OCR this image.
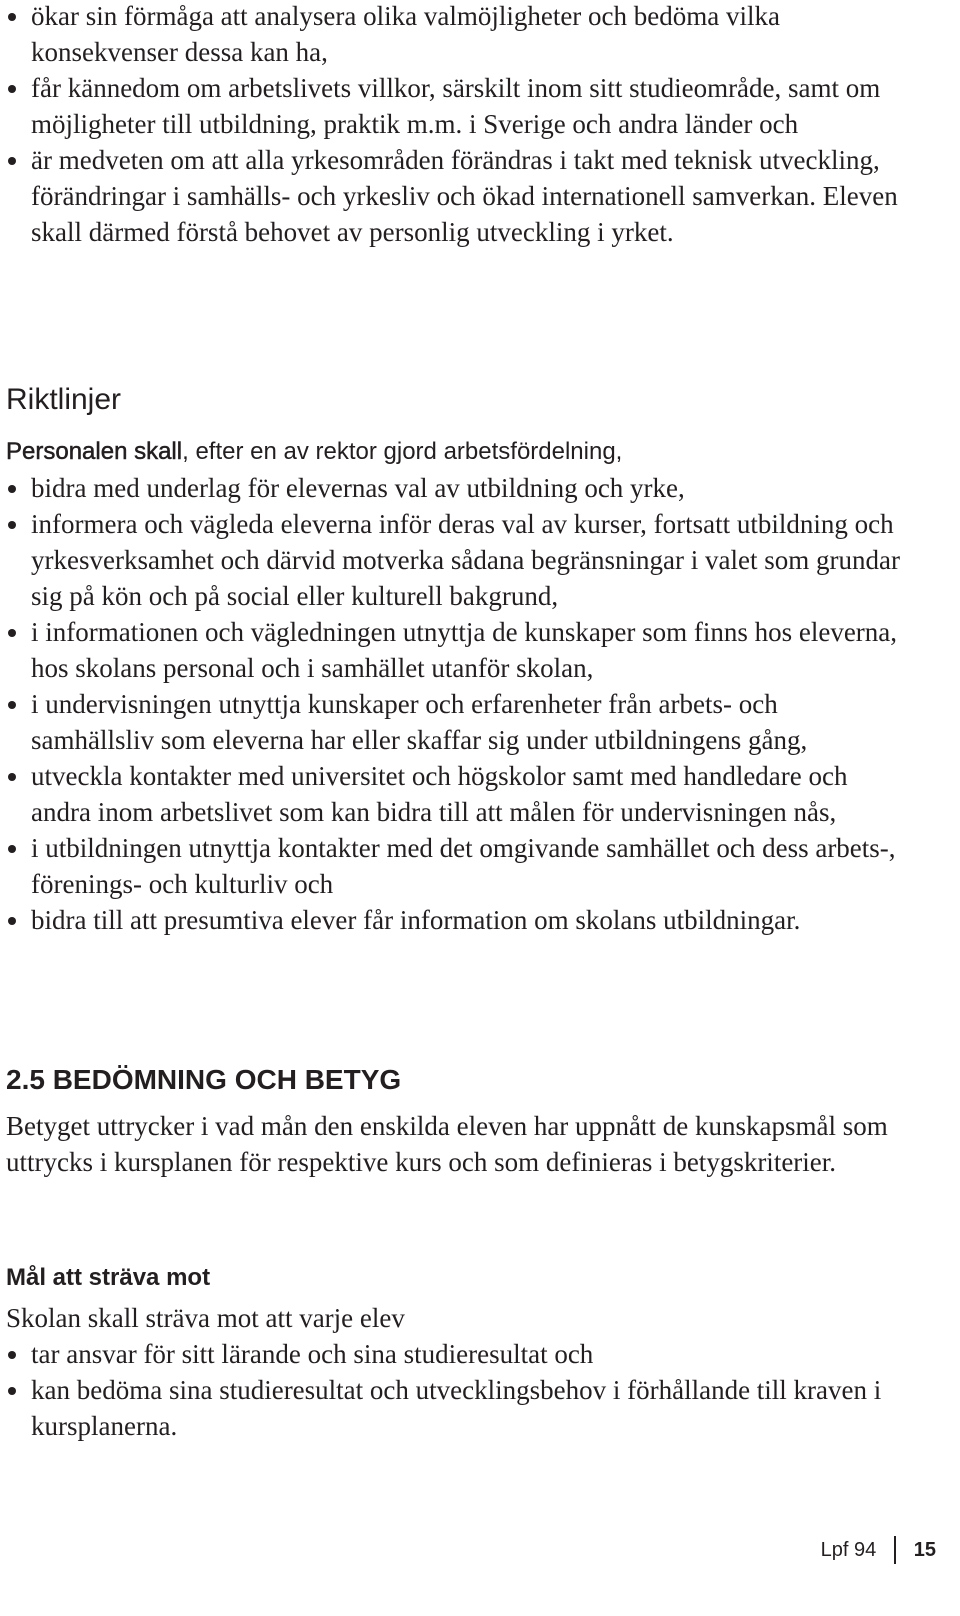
ökar sin förmåga att analysera olika valmöjligheter och bedöma vilka konsekvenser dessa kan ha,
får kännedom om arbetslivets villkor, särskilt inom sitt studieområde, samt om möjligheter till utbildning, praktik m.m. i Sverige och andra länder och
är medveten om att alla yrkesområden förändras i takt med teknisk utveckling, förändringar i samhälls- och yrkesliv och ökad internationell samverkan. Eleven skall därmed förstå behovet av personlig utveckling i yrket.
Riktlinjer

Personalen skall, efter en av rektor gjord arbetsfördelning,

bidra med underlag för elevernas val av utbildning och yrke,
informera och vägleda eleverna inför deras val av kurser, fortsatt utbildning och yrkesverksamhet och därvid motverka sådana begränsningar i valet som grundar sig på kön och på social eller kulturell bakgrund,
i informationen och vägledningen utnyttja de kunskaper som finns hos eleverna, hos skolans personal och i samhället utanför skolan,
i undervisningen utnyttja kunskaper och erfarenheter från arbets- och samhällsliv som eleverna har eller skaffar sig under utbildningens gång,
utveckla kontakter med universitet och högskolor samt med handledare och andra inom arbetslivet som kan bidra till att målen för undervisningen nås,
i utbildningen utnyttja kontakter med det omgivande samhället och dess arbets-, förenings- och kulturliv och
bidra till att presumtiva elever får information om skolans utbildningar.
2.5 BEDÖMNING OCH BETYG

Betyget uttrycker i vad mån den enskilda eleven har uppnått de kunskapsmål som uttrycks i kursplanen för respektive kurs och som definieras i betygskriterier.

Mål att sträva mot

Skolan skall sträva mot att varje elev

tar ansvar för sitt lärande och sina studieresultat och
kan bedöma sina studieresultat och utvecklingsbehov i förhållande till kraven i kursplanerna.
Lpf 94 15
